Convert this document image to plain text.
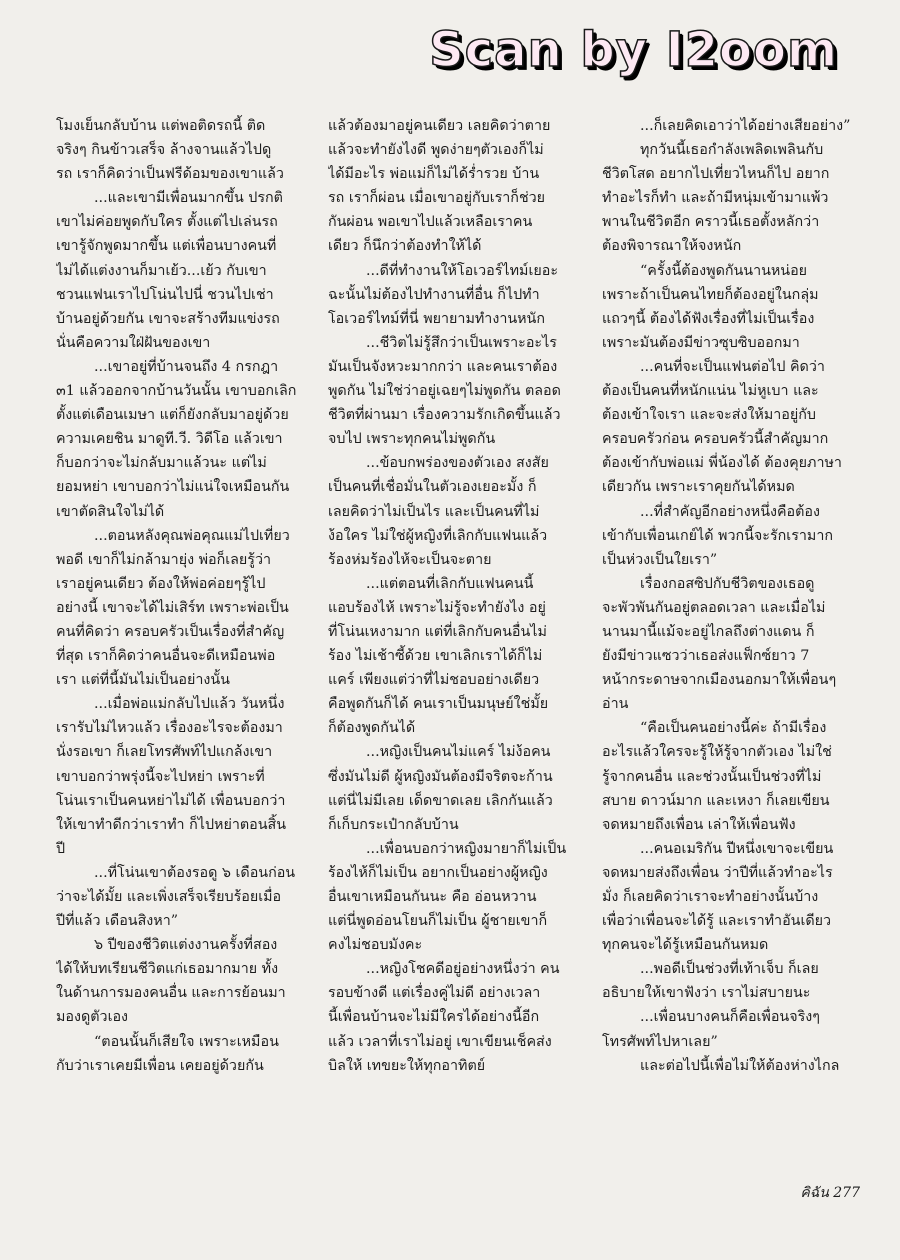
Scan by I2oom

โมงเย็นกลับบ้าน แต่พอติดรถนี้ ติด
จริงๆ กินข้าวเสร็จ ล้างจานแล้วไปดู
รถ เราก็คิดว่าเป็นฟรีด้อมของเขาแล้ว

...และเขามีเพื่อนมากขึ้น ปรกติ
เขาไม่ค่อยพูดกับใคร ตั้งแต่ไปเล่นรถ
เขารู้จักพูดมากขึ้น แต่เพื่อนบางคนที่
ไม่ได้แต่งงานก็มาเย้ว...เย้ว กับเขา
ชวนแฟนเราไปโน่นไปนี่ ชวนไปเช่า
บ้านอยู่ด้วยกัน เขาจะสร้างทีมแข่งรถ
นั่นคือความใฝ่ฝันของเขา

...เขาอยู่ที่บ้านจนถึง 4 กรกฎา
๓1 แล้วออกจากบ้านวันนั้น เขาบอกเลิก
ตั้งแต่เดือนเมษา แต่ก็ยังกลับมาอยู่ด้วย
ความเคยชิน มาดูที.วี. วิดีโอ แล้วเขา
ก็บอกว่าจะไม่กลับมาแล้วนะ แต่ไม่
ยอมหย่า เขาบอกว่าไม่แน่ใจเหมือนกัน
เขาตัดสินใจไม่ได้

...ตอนหลังคุณพ่อคุณแม่ไปเที่ยว
พอดี เขาก็ไม่กล้ามายุ่ง พ่อก็เลยรู้ว่า
เราอยู่คนเดียว ต้องให้พ่อค่อยๆรู้ไป
อย่างนี้ เขาจะได้ไม่เสิร์ท เพราะพ่อเป็น
คนที่คิดว่า ครอบครัวเป็นเรื่องที่สำคัญ
ที่สุด เราก็คิดว่าคนอื่นจะดีเหมือนพ่อ
เรา แต่ที่นี้มันไม่เป็นอย่างนั้น

...เมื่อพ่อแม่กลับไปแล้ว วันหนึ่ง
เรารับไม่ไหวแล้ว เรื่องอะไรจะต้องมา
นั่งรอเขา ก็เลยโทรศัพท์ไปแกล้งเขา
เขาบอกว่าพรุ่งนี้จะไปหย่า เพราะที่
โน่นเราเป็นคนหย่าไม่ได้ เพื่อนบอกว่า
ให้เขาทำดีกว่าเราทำ ก็ไปหย่าตอนสิ้น
ปี

...ที่โน่นเขาต้องรอดู ๖ เดือนก่อน
ว่าจะได้มั้ย และเพิ่งเสร็จเรียบร้อยเมื่อ
ปีที่แล้ว เดือนสิงหา”

๖ ปีของชีวิตแต่งงานครั้งที่สอง
ได้ให้บทเรียนชีวิตแก่เธอมากมาย ทั้ง
ในด้านการมองคนอื่น และการย้อนมา
มองดูตัวเอง

“ตอนนั้นก็เสียใจ เพราะเหมือน
กับว่าเราเคยมีเพื่อน เคยอยู่ด้วยกัน

แล้วต้องมาอยู่คนเดียว เลยคิดว่าตาย
แล้วจะทำยังไงดี พูดง่ายๆตัวเองก็ไม่
ได้มีอะไร พ่อแม่ก็ไม่ได้ร่ำรวย บ้าน
รถ เราก็ผ่อน เมื่อเขาอยู่กับเราก็ช่วย
กันผ่อน พอเขาไปแล้วเหลือเราคน
เดียว ก็นึกว่าต้องทำให้ได้

...ดีที่ทำงานให้โอเวอร์ไทม์เยอะ
ฉะนั้นไม่ต้องไปทำงานที่อื่น ก็ไปทำ
โอเวอร์ไทม์ที่นี่ พยายามทำงานหนัก

...ชีวิตไม่รู้สึกว่าเป็นเพราะอะไร
มันเป็นจังหวะมากกว่า และคนเราต้อง
พูดกัน ไม่ใช่ว่าอยู่เฉยๆไม่พูดกัน ตลอด
ชีวิตที่ผ่านมา เรื่องความรักเกิดขึ้นแล้ว
จบไป เพราะทุกคนไม่พูดกัน

...ข้อบกพร่องของตัวเอง สงสัย
เป็นคนที่เชื่อมั่นในตัวเองเยอะมั้ง ก็
เลยคิดว่าไม่เป็นไร และเป็นคนที่ไม่
ง้อใคร ไม่ใช่ผู้หญิงที่เลิกกับแฟนแล้ว
ร้องห่มร้องไห้จะเป็นจะตาย

...แต่ตอนที่เลิกกับแฟนคนนี้
แอบร้องไห้ เพราะไม่รู้จะทำยังไง อยู่
ที่โน่นเหงามาก แต่ที่เลิกกับคนอื่นไม่
ร้อง ไม่เช้าซี้ด้วย เขาเลิกเราได้ก็ไม่
แคร์ เพียงแต่ว่าที่ไม่ชอบอย่างเดียว
คือพูดกันก็ได้ คนเราเป็นมนุษย์ใช่มั้ย
ก็ต้องพูดกันได้

...หญิงเป็นคนไม่แคร์ ไม่ง้อคน
ซึ่งมันไม่ดี ผู้หญิงมันต้องมีจริตจะก้าน
แต่นี่ไม่มีเลย เด็ดขาดเลย เลิกกันแล้ว
ก็เก็บกระเป๋ากลับบ้าน

...เพื่อนบอกว่าหญิงมายาก็ไม่เป็น
ร้องไห้ก็ไม่เป็น อยากเป็นอย่างผู้หญิง
อื่นเขาเหมือนกันนะ คือ อ่อนหวาน
แต่นี่พูดอ่อนโยนก็ไม่เป็น ผู้ชายเขาก็
คงไม่ชอบมังคะ

...หญิงโชคดีอยู่อย่างหนึ่งว่า คน
รอบข้างดี แต่เรื่องคู่ไม่ดี อย่างเวลา
นี้เพื่อนบ้านจะไม่มีใครได้อย่างนี้อีก
แล้ว เวลาที่เราไม่อยู่ เขาเขียนเช็คส่ง
บิลให้ เทขยะให้ทุกอาทิตย์

...ก็เลยคิดเอาว่าได้อย่างเสียอย่าง”

ทุกวันนี้เธอกำลังเพลิดเพลินกับ
ชีวิตโสด อยากไปเที่ยวไหนก็ไป อยาก
ทำอะไรก็ทำ และถ้ามีหนุ่มเข้ามาแพ้ว
พานในชีวิตอีก คราวนี้เธอตั้งหลักว่า
ต้องพิจารณาให้จงหนัก

“ครั้งนี้ต้องพูดกันนานหน่อย
เพราะถ้าเป็นคนไทยก็ต้องอยู่ในกลุ่ม
แถวๆนี้ ต้องได้ฟังเรื่องที่ไม่เป็นเรื่อง
เพราะมันต้องมีข่าวซุบซิบออกมา

...คนที่จะเป็นแฟนต่อไป คิดว่า
ต้องเป็นคนที่หนักแน่น ไม่หูเบา และ
ต้องเข้าใจเรา และจะส่งให้มาอยู่กับ
ครอบครัวก่อน ครอบครัวนี้สำคัญมาก
ต้องเข้ากับพ่อแม่ พี่น้องได้ ต้องคุยภาษา
เดียวกัน เพราะเราคุยกันได้หมด

...ที่สำคัญอีกอย่างหนึ่งคือต้อง
เข้ากับเพื่อนเกย์ได้ พวกนี้จะรักเรามาก
เป็นห่วงเป็นใยเรา”

เรื่องกอสซิปกับชีวิตของเธอดู
จะพัวพันกันอยู่ตลอดเวลา และเมื่อไม่
นานมานี้แม้จะอยู่ไกลถึงต่างแดน ก็
ยังมีข่าวแซวว่าเธอส่งแฟ็กซ์ยาว 7
หน้ากระดาษจากเมืองนอกมาให้เพื่อนๆ
อ่าน

“คือเป็นคนอย่างนี้ค่ะ ถ้ามีเรื่อง
อะไรแล้วใครจะรู้ให้รู้จากตัวเอง ไม่ใช่
รู้จากคนอื่น และช่วงนั้นเป็นช่วงที่ไม่
สบาย ดาวน์มาก และเหงา ก็เลยเขียน
จดหมายถึงเพื่อน เล่าให้เพื่อนฟัง

...คนอเมริกัน ปีหนึ่งเขาจะเขียน
จดหมายส่งถึงเพื่อน ว่าปีที่แล้วทำอะไร
มั่ง ก็เลยคิดว่าเราจะทำอย่างนั้นบ้าง
เพื่อว่าเพื่อนจะได้รู้ และเราทำอันเดียว
ทุกคนจะได้รู้เหมือนกันหมด

...พอดีเป็นช่วงที่เท้าเจ็บ ก็เลย
อธิบายให้เขาฟังว่า เราไม่สบายนะ

...เพื่อนบางคนก็คือเพื่อนจริงๆ
โทรศัพท์ไปหาเลย”

และต่อไปนี้เพื่อไม่ให้ต้องห่างไกล

คิฉัน 277
